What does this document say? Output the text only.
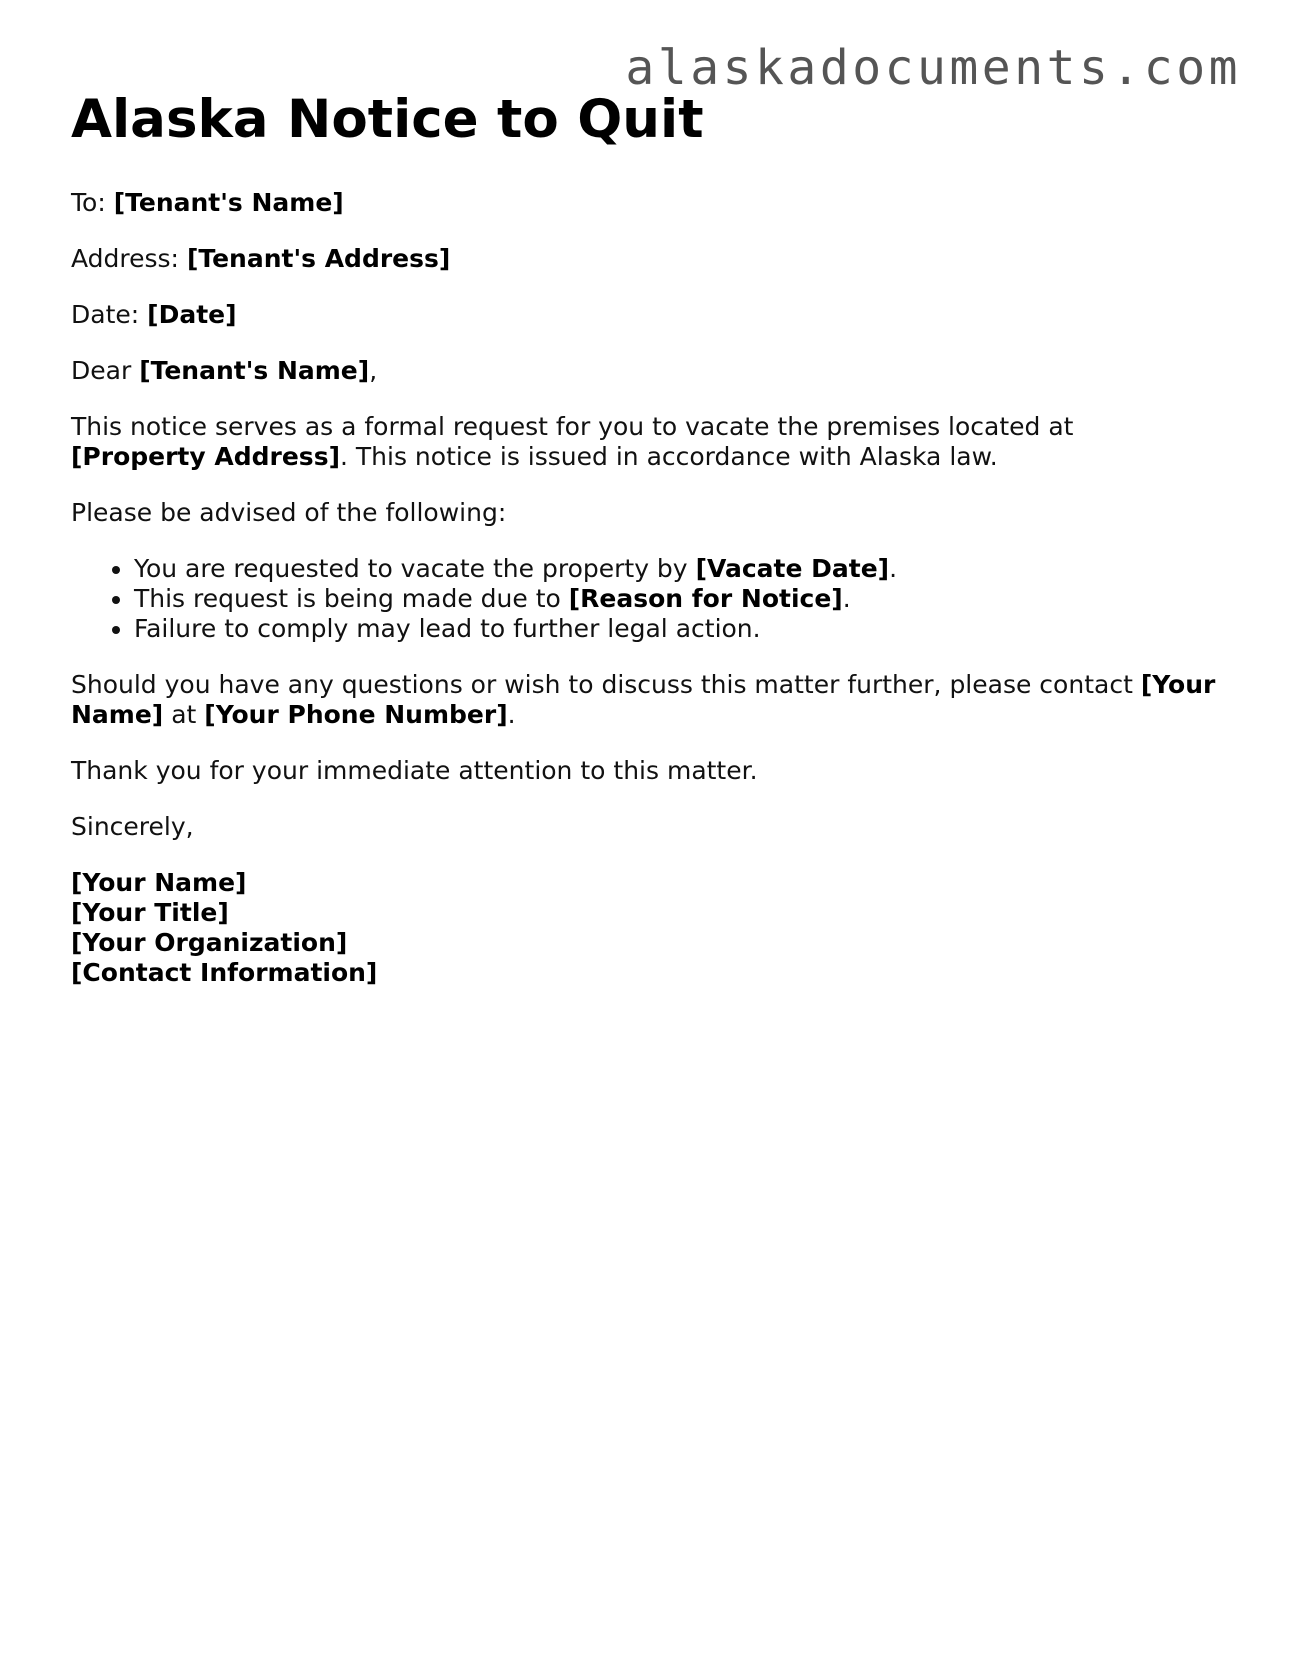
alaskadocuments.com
Alaska Notice to Quit

To: [Tenant's Name]

Address: [Tenant's Address]

Date: [Date]

Dear [Tenant's Name],

This notice serves as a formal request for you to vacate the premises located at
[Property Address]. This notice is issued in accordance with Alaska law.

Please be advised of the following:

• You are requested to vacate the property by [Vacate Date].
• This request is being made due to [Reason for Notice].
• Failure to comply may lead to further legal action.

Should you have any questions or wish to discuss this matter further, please contact [Your Name] at [Your Phone Number].

Thank you for your immediate attention to this matter.

Sincerely,

[Your Name]
[Your Title]
[Your Organization]
[Contact Information]
